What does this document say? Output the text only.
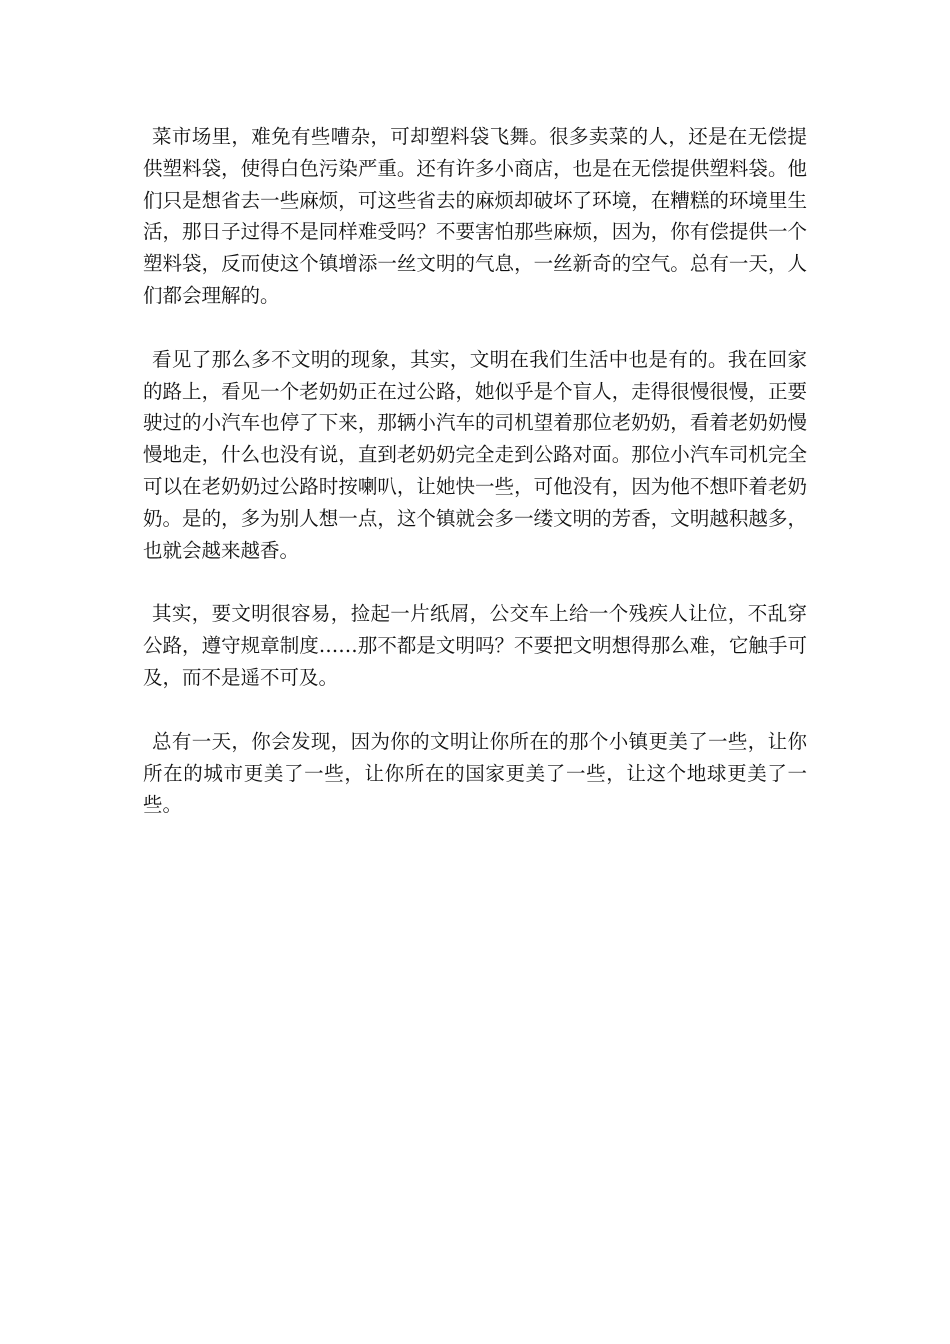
菜市场里，难免有些嘈杂，可却塑料袋飞舞。很多卖菜的人，还是在无偿提供塑料袋，使得白色污染严重。还有许多小商店，也是在无偿提供塑料袋。他们只是想省去一些麻烦，可这些省去的麻烦却破坏了环境，在糟糕的环境里生活，那日子过得不是同样难受吗？不要害怕那些麻烦，因为，你有偿提供一个塑料袋，反而使这个镇增添一丝文明的气息，一丝新奇的空气。总有一天，人们都会理解的。

看见了那么多不文明的现象，其实，文明在我们生活中也是有的。我在回家的路上，看见一个老奶奶正在过公路，她似乎是个盲人，走得很慢很慢，正要驶过的小汽车也停了下来，那辆小汽车的司机望着那位老奶奶，看着老奶奶慢慢地走，什么也没有说，直到老奶奶完全走到公路对面。那位小汽车司机完全可以在老奶奶过公路时按喇叭，让她快一些，可他没有，因为他不想吓着老奶奶。是的，多为别人想一点，这个镇就会多一缕文明的芳香，文明越积越多，也就会越来越香。

其实，要文明很容易，捡起一片纸屑，公交车上给一个残疾人让位，不乱穿公路，遵守规章制度……那不都是文明吗？不要把文明想得那么难，它触手可及，而不是遥不可及。

总有一天，你会发现，因为你的文明让你所在的那个小镇更美了一些，让你所在的城市更美了一些，让你所在的国家更美了一些，让这个地球更美了一些。
